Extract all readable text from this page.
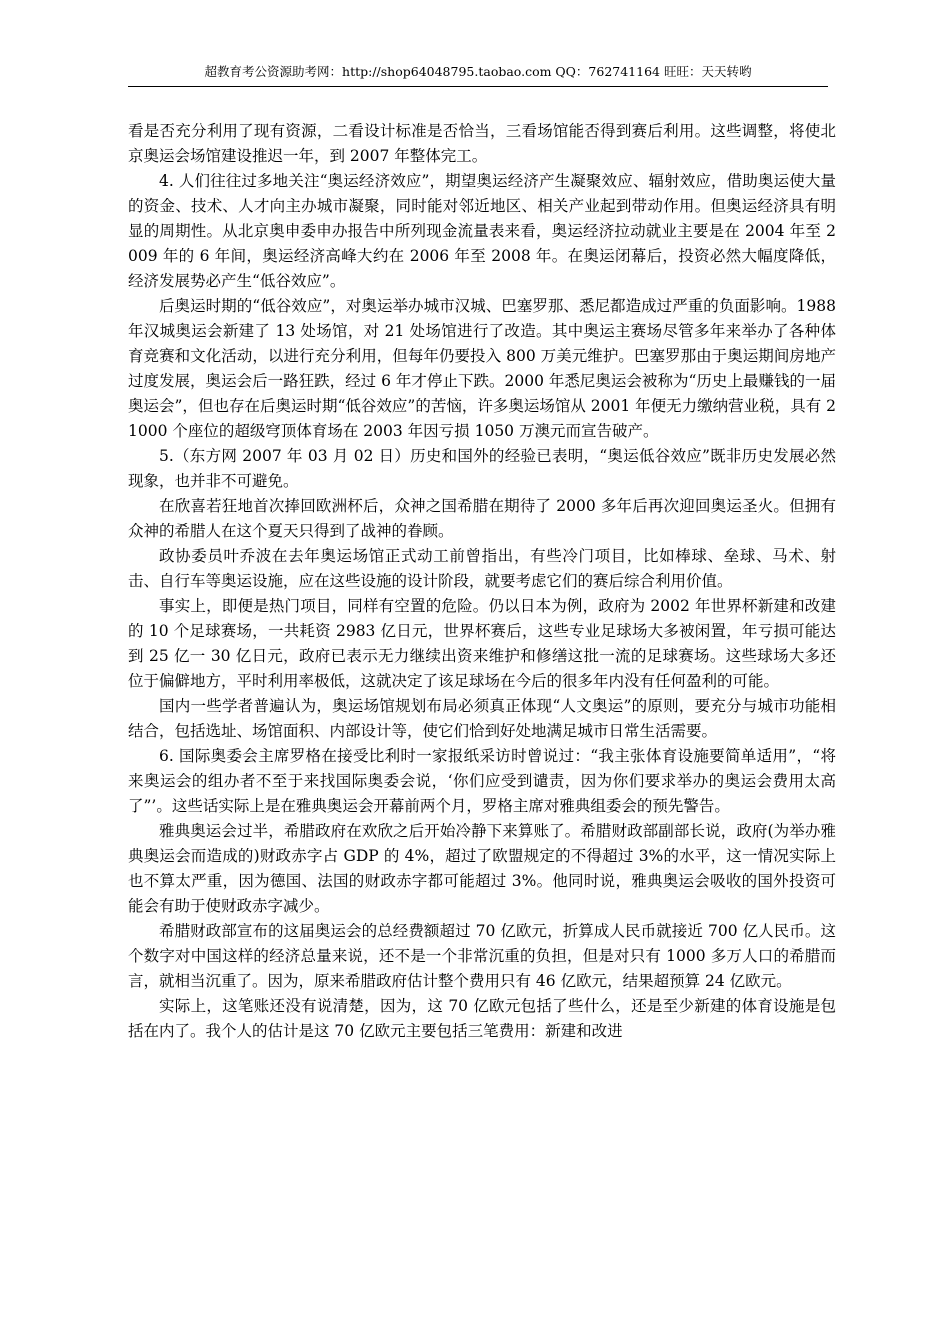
超教育考公资源助考网：http://shop64048795.taobao.com QQ：762741164 旺旺：天天转哟

看是否充分利用了现有资源，二看设计标准是否恰当，三看场馆能否得到赛后利用。这些调整，将使北京奥运会场馆建设推迟一年，到 2007 年整体完工。

4. 人们往往过多地关注“奥运经济效应”，期望奥运经济产生凝聚效应、辐射效应，借助奥运使大量的资金、技术、人才向主办城市凝聚，同时能对邻近地区、相关产业起到带动作用。但奥运经济具有明显的周期性。从北京奥申委申办报告中所列现金流量表来看，奥运经济拉动就业主要是在 2004 年至 2009 年的 6 年间，奥运经济高峰大约在 2006 年至 2008 年。在奥运闭幕后，投资必然大幅度降低，经济发展势必产生“低谷效应”。

后奥运时期的“低谷效应”，对奥运举办城市汉城、巴塞罗那、悉尼都造成过严重的负面影响。1988 年汉城奥运会新建了 13 处场馆，对 21 处场馆进行了改造。其中奥运主赛场尽管多年来举办了各种体育竞赛和文化活动，以进行充分利用，但每年仍要投入 800 万美元维护。巴塞罗那由于奥运期间房地产过度发展，奥运会后一路狂跌，经过 6 年才停止下跌。2000 年悉尼奥运会被称为“历史上最赚钱的一届奥运会”，但也存在后奥运时期“低谷效应”的苦恼，许多奥运场馆从 2001 年便无力缴纳营业税，具有 21000 个座位的超级穹顶体育场在 2003 年因亏损 1050 万澳元而宣告破产。

5.（东方网 2007 年 03 月 02 日）历史和国外的经验已表明，“奥运低谷效应”既非历史发展必然现象，也并非不可避免。

在欣喜若狂地首次捧回欧洲杯后，众神之国希腊在期待了 2000 多年后再次迎回奥运圣火。但拥有众神的希腊人在这个夏天只得到了战神的眷顾。

政协委员叶乔波在去年奥运场馆正式动工前曾指出，有些冷门项目，比如棒球、垒球、马术、射击、自行车等奥运设施，应在这些设施的设计阶段，就要考虑它们的赛后综合利用价值。

事实上，即便是热门项目，同样有空置的危险。仍以日本为例，政府为 2002 年世界杯新建和改建的 10 个足球赛场，一共耗资 2983 亿日元，世界杯赛后，这些专业足球场大多被闲置，年亏损可能达到 25 亿一 30 亿日元，政府已表示无力继续出资来维护和修缮这批一流的足球赛场。这些球场大多还位于偏僻地方，平时利用率极低，这就决定了该足球场在今后的很多年内没有任何盈利的可能。

国内一些学者普遍认为，奥运场馆规划布局必须真正体现“人文奥运”的原则，要充分与城市功能相结合，包括选址、场馆面积、内部设计等，使它们恰到好处地满足城市日常生活需要。

6. 国际奥委会主席罗格在接受比利时一家报纸采访时曾说过：“我主张体育设施要简单适用”，“将来奥运会的组办者不至于来找国际奥委会说，‘你们应受到谴责，因为你们要求举办的奥运会费用太高了”’。这些话实际上是在雅典奥运会开幕前两个月，罗格主席对雅典组委会的预先警告。

雅典奥运会过半，希腊政府在欢欣之后开始冷静下来算账了。希腊财政部副部长说，政府(为举办雅典奥运会而造成的)财政赤字占 GDP 的 4%，超过了欧盟规定的不得超过 3%的水平，这一情况实际上也不算太严重，因为德国、法国的财政赤字都可能超过 3%。他同时说，雅典奥运会吸收的国外投资可能会有助于使财政赤字减少。

希腊财政部宣布的这届奥运会的总经费额超过 70 亿欧元，折算成人民币就接近 700 亿人民币。这个数字对中国这样的经济总量来说，还不是一个非常沉重的负担，但是对只有 1000 多万人口的希腊而言，就相当沉重了。因为，原来希腊政府估计整个费用只有 46 亿欧元，结果超预算 24 亿欧元。

实际上，这笔账还没有说清楚，因为，这 70 亿欧元包括了些什么，还是至少新建的体育设施是包括在内了。我个人的估计是这 70 亿欧元主要包括三笔费用：新建和改进
